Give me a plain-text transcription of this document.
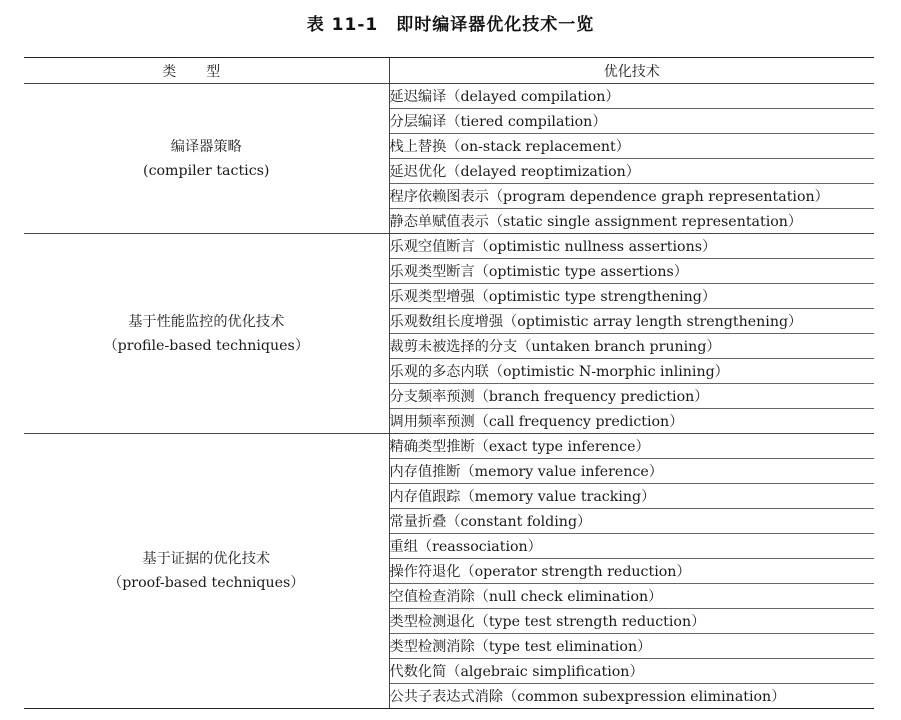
表 11-1 即时编译器优化技术一览
类型	优化技术

编译器策略
(compiler tactics)	延迟编译（delayed compilation）
	分层编译（tiered compilation）
	栈上替换（on-stack replacement）
	延迟优化（delayed reoptimization）
	程序依赖图表示（program dependence graph representation）
	静态单赋值表示（static single assignment representation）

基于性能监控的优化技术
（profile-based techniques）	乐观空值断言（optimistic nullness assertions）
	乐观类型断言（optimistic type assertions）
	乐观类型增强（optimistic type strengthening）
	乐观数组长度增强（optimistic array length strengthening）
	裁剪未被选择的分支（untaken branch pruning）
	乐观的多态内联（optimistic N-morphic inlining）
	分支频率预测（branch frequency prediction）
	调用频率预测（call frequency prediction）

基于证据的优化技术
（proof-based techniques）	精确类型推断（exact type inference）
	内存值推断（memory value inference）
	内存值跟踪（memory value tracking）
	常量折叠（constant folding）
	重组（reassociation）
	操作符退化（operator strength reduction）
	空值检查消除（null check elimination）
	类型检测退化（type test strength reduction）
	类型检测消除（type test elimination）
	代数化简（algebraic simplification）
	公共子表达式消除（common subexpression elimination）
